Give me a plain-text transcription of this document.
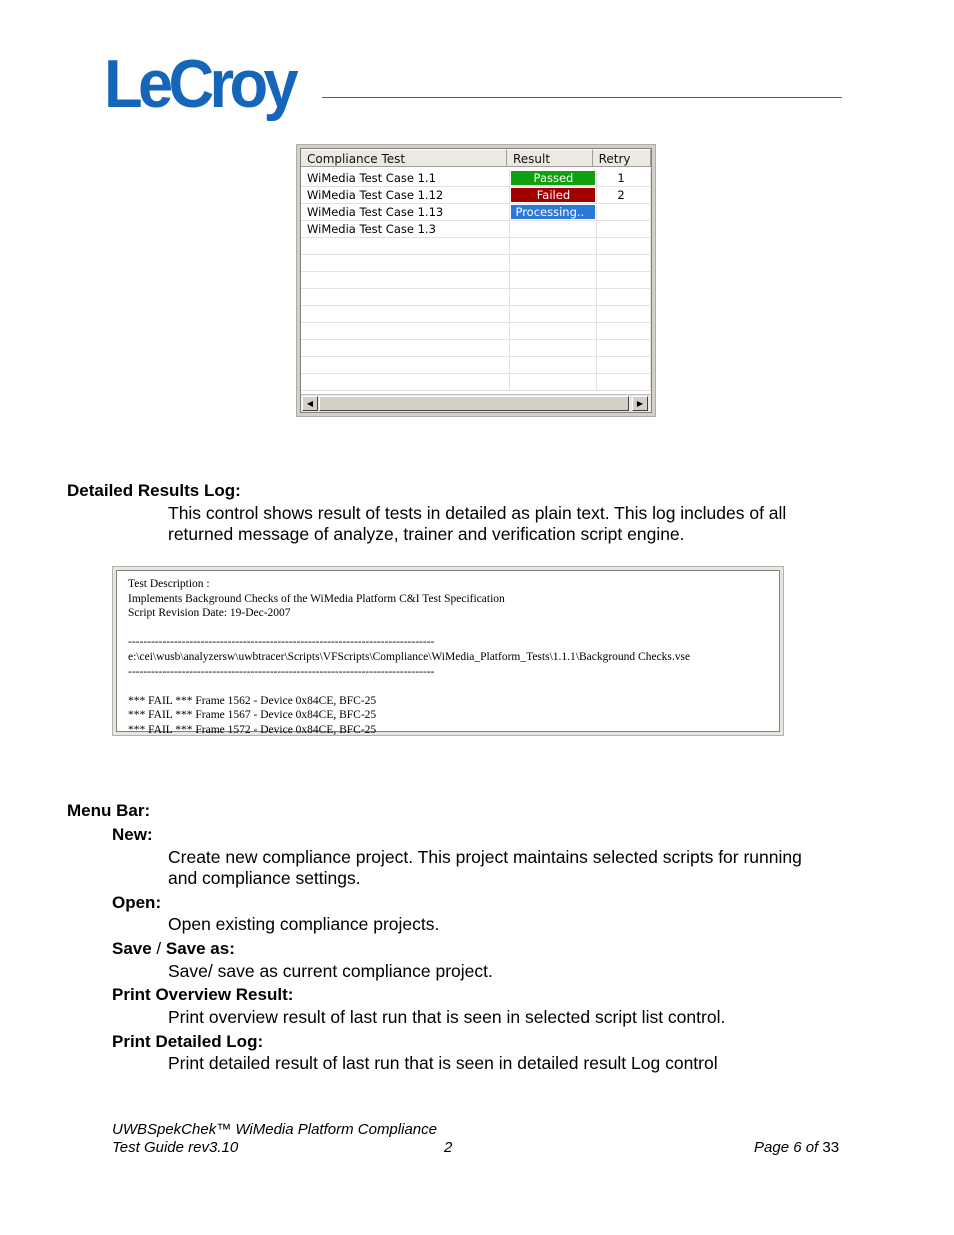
LeCroy
Compliance Test	Result	Retry
WiMedia Test Case 1.1	Passed	1
WiMedia Test Case 1.12	Failed	2
WiMedia Test Case 1.13	Processing..
WiMedia Test Case 1.3
◀	▶
Detailed Results Log:
This control shows result of tests in detailed as plain text. This log includes of all returned message of analyze, trainer and verification script engine.
Test Description :
Implements Background Checks of the WiMedia Platform C&I Test Specification
Script Revision Date: 19-Dec-2007

--------------------------------------------------------------------------------
e:\cei\wusb\analyzersw\uwbtracer\Scripts\VFScripts\Compliance\WiMedia_Platform_Tests\1.1.1\Background Checks.vse
--------------------------------------------------------------------------------

*** FAIL *** Frame 1562 - Device 0x84CE, BFC-25
*** FAIL *** Frame 1567 - Device 0x84CE, BFC-25
*** FAIL *** Frame 1572 - Device 0x84CE, BFC-25
Menu Bar:
New:
Create new compliance project. This project maintains selected scripts for running and compliance settings.
Open:
Open existing compliance projects.
Save / Save as:
Save/ save as current compliance project.
Print Overview Result:
Print overview result of last run that is seen in selected script list control.
Print Detailed Log:
Print detailed result of last run that is seen in detailed result Log control
UWBSpekChek™ WiMedia Platform Compliance
Test Guide rev3.10	2	Page 6 of 33
